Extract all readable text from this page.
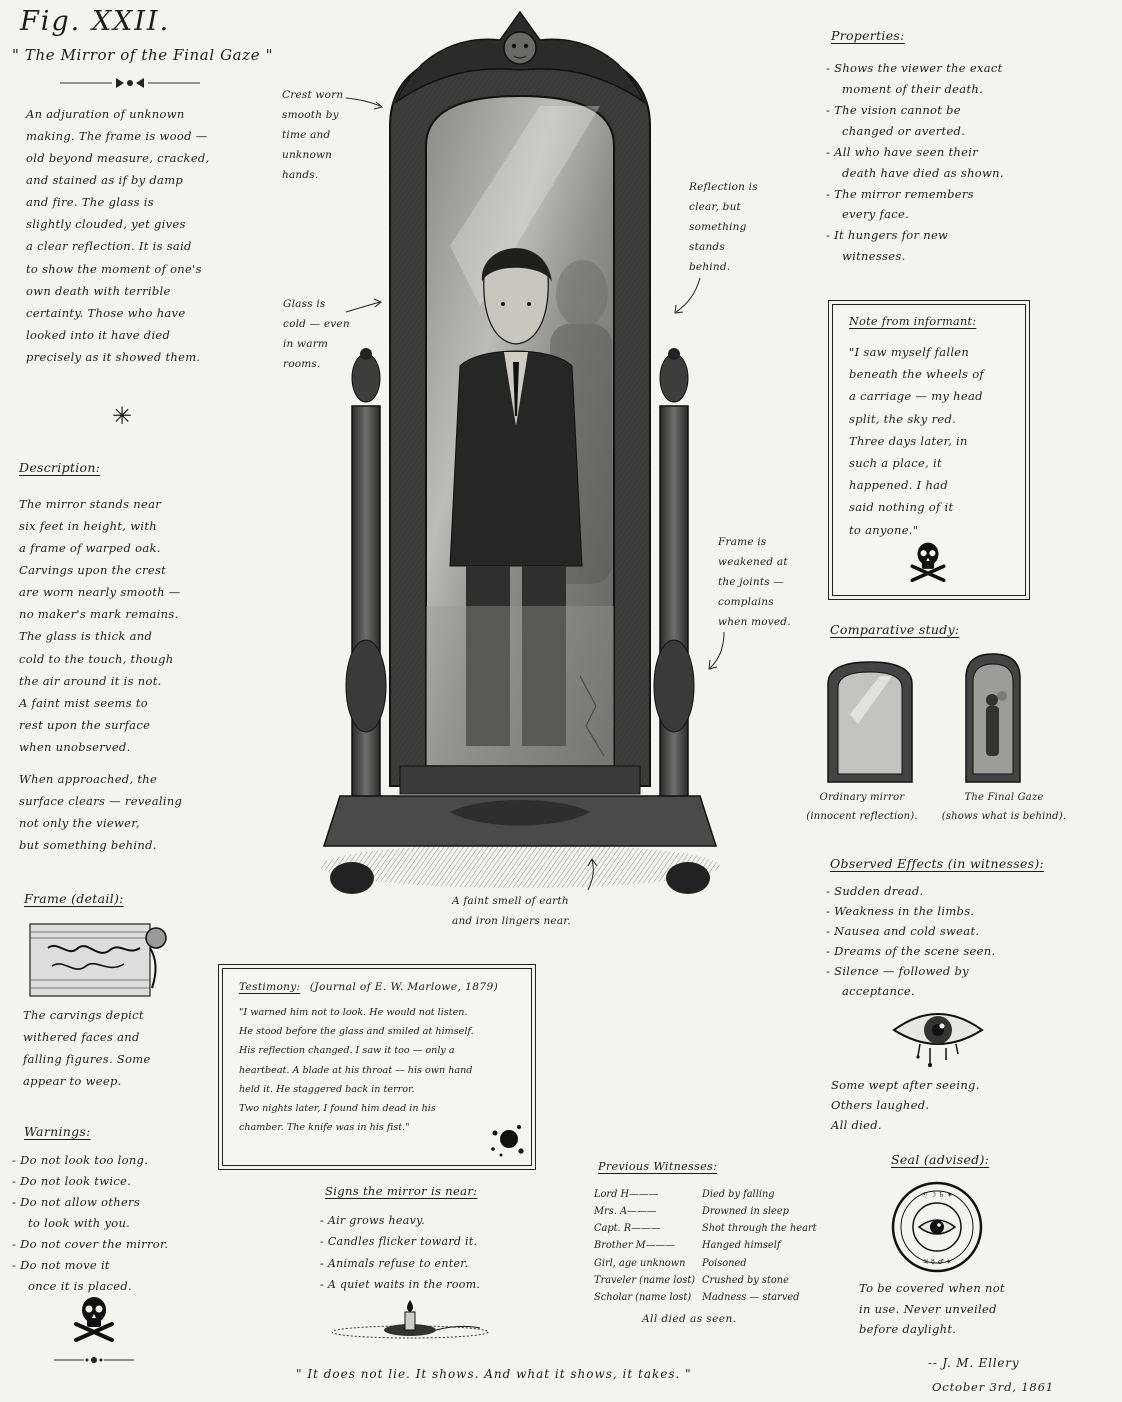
Fig. XXII.
" The Mirror of the Final Gaze "
An adjuration of unknown
making. The frame is wood —
old beyond measure, cracked,
and stained as if by damp
and fire. The glass is
slightly clouded, yet gives
a clear reflection. It is said
to show the moment of one's
own death with terrible
certainty. Those who have
looked into it have died
precisely as it showed them.
✳
Description:
The mirror stands near
six feet in height, with
a frame of warped oak.
Carvings upon the crest
are worn nearly smooth —
no maker's mark remains.
The glass is thick and
cold to the touch, though
the air around it is not.
A faint mist seems to
rest upon the surface
when unobserved.
When approached, the
surface clears — revealing
not only the viewer,
but something behind.
Frame (detail):
The carvings depict
withered faces and
falling figures. Some
appear to weep.
Warnings:
- Do not look too long.
- Do not look twice.
- Do not allow others
to look with you.
- Do not cover the mirror.
- Do not move it
once it is placed.
Crest worn
smooth by
time and
unknown
hands.
Glass is
cold — even
in warm
rooms.
Reflection is
clear, but
something
stands
behind.
Frame is
weakened at
the joints —
complains
when moved.
A faint smell of earth
and iron lingers near.
Testimony: (Journal of E. W. Marlowe, 1879)
"I warned him not to look. He would not listen.
He stood before the glass and smiled at himself.
His reflection changed. I saw it too — only a
heartbeat. A blade at his throat — his own hand
held it. He staggered back in terror.
Two nights later, I found him dead in his
chamber. The knife was in his fist."
Signs the mirror is near:
- Air grows heavy.
- Candles flicker toward it.
- Animals refuse to enter.
- A quiet waits in the room.
Properties:
- Shows the viewer the exact
moment of their death.
- The vision cannot be
changed or averted.
- All who have seen their
death have died as shown.
- The mirror remembers
every face.
- It hungers for new
witnesses.
Note from informant:
"I saw myself fallen
beneath the wheels of
a carriage — my head
split, the sky red.
Three days later, in
such a place, it
happened. I had
said nothing of it
to anyone."
Comparative study:
Ordinary mirror
(innocent reflection).
The Final Gaze
(shows what is behind).
Observed Effects (in witnesses):
- Sudden dread.
- Weakness in the limbs.
- Nausea and cold sweat.
- Dreams of the scene seen.
- Silence — followed by
acceptance.
Some wept after seeing.
Others laughed.
All died.
Seal (advised):
☉ ☽ ♄ ✶
♃ ☿ ♂ ✶
To be covered when not
in use. Never unveiled
before daylight.
Previous Witnesses:
Lord H———	Died by falling
Mrs. A———	Drowned in sleep
Capt. R———	Shot through the heart
Brother M———	Hanged himself
Girl, age unknown	Poisoned
Traveler (name lost)	Crushed by stone
Scholar (name lost)	Madness — starved
All died as seen.
" It does not lie. It shows. And what it shows, it takes. "
-- J. M. Ellery
October 3rd, 1861
